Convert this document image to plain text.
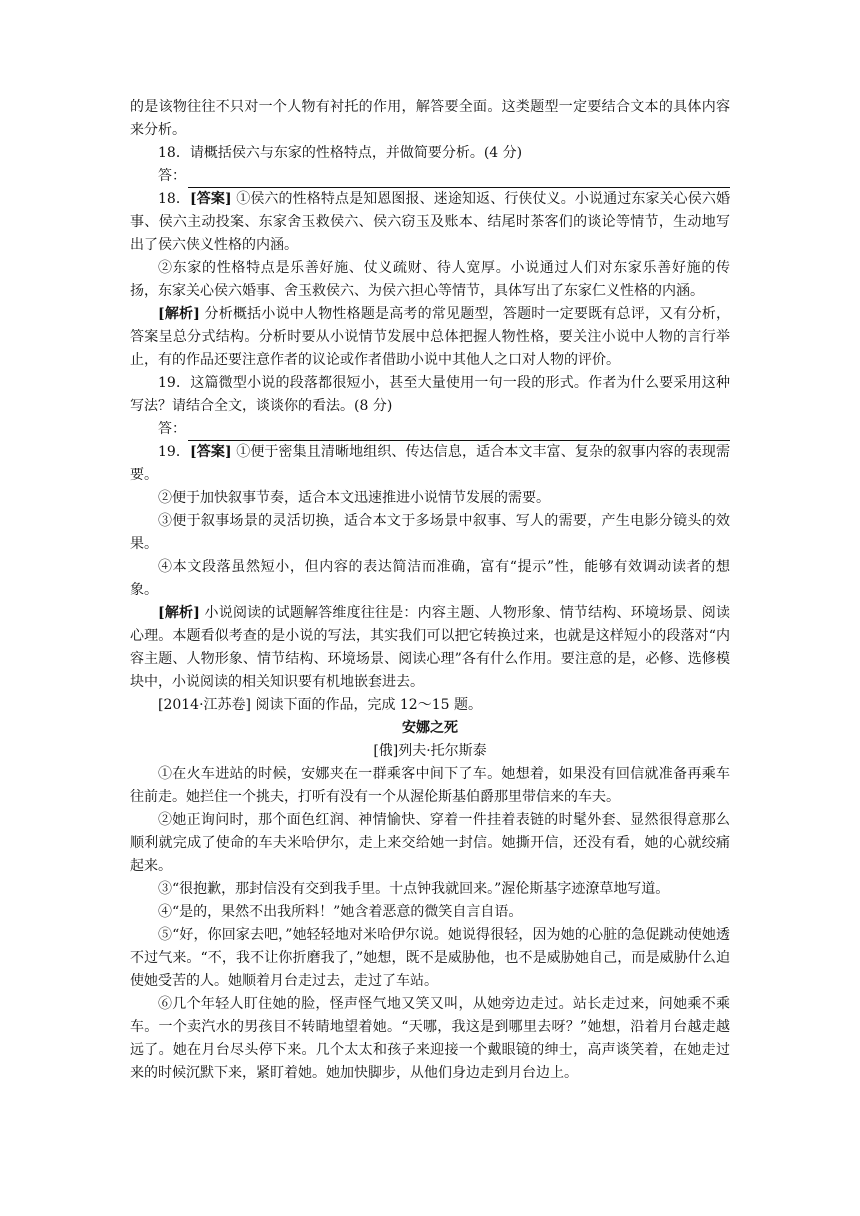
的是该物往往不只对一个人物有衬托的作用，解答要全面。这类题型一定要结合文本的具体内容来分析。

18．请概括侯六与东家的性格特点，并做简要分析。(4 分)

答：

18．[答案] ①侯六的性格特点是知恩图报、迷途知返、行侠仗义。小说通过东家关心侯六婚事、侯六主动投案、东家舍玉救侯六、侯六窃玉及账本、结尾时茶客们的谈论等情节，生动地写出了侯六侠义性格的内涵。

②东家的性格特点是乐善好施、仗义疏财、待人宽厚。小说通过人们对东家乐善好施的传扬，东家关心侯六婚事、舍玉救侯六、为侯六担心等情节，具体写出了东家仁义性格的内涵。

[解析] 分析概括小说中人物性格题是高考的常见题型，答题时一定要既有总评，又有分析，答案呈总分式结构。分析时要从小说情节发展中总体把握人物性格，要关注小说中人物的言行举止，有的作品还要注意作者的议论或作者借助小说中其他人之口对人物的评价。

19．这篇微型小说的段落都很短小，甚至大量使用一句一段的形式。作者为什么要采用这种写法？请结合全文，谈谈你的看法。(8 分)

答：

19．[答案] ①便于密集且清晰地组织、传达信息，适合本文丰富、复杂的叙事内容的表现需要。

②便于加快叙事节奏，适合本文迅速推进小说情节发展的需要。

③便于叙事场景的灵活切换，适合本文于多场景中叙事、写人的需要，产生电影分镜头的效果。

④本文段落虽然短小，但内容的表达简洁而准确，富有“提示”性，能够有效调动读者的想象。

[解析] 小说阅读的试题解答维度往往是：内容主题、人物形象、情节结构、环境场景、阅读心理。本题看似考查的是小说的写法，其实我们可以把它转换过来，也就是这样短小的段落对“内容主题、人物形象、情节结构、环境场景、阅读心理”各有什么作用。要注意的是，必修、选修模块中，小说阅读的相关知识要有机地嵌套进去。

[2014·江苏卷] 阅读下面的作品，完成 12～15 题。

安娜之死

[俄]列夫·托尔斯泰

①在火车进站的时候，安娜夹在一群乘客中间下了车。她想着，如果没有回信就准备再乘车往前走。她拦住一个挑夫，打听有没有一个从渥伦斯基伯爵那里带信来的车夫。

②她正询问时，那个面色红润、神情愉快、穿着一件挂着表链的时髦外套、显然很得意那么顺利就完成了使命的车夫米哈伊尔，走上来交给她一封信。她撕开信，还没有看，她的心就绞痛起来。

③“很抱歉，那封信没有交到我手里。十点钟我就回来。”渥伦斯基字迹潦草地写道。

④“是的，果然不出我所料！”她含着恶意的微笑自言自语。

⑤“好，你回家去吧，”她轻轻地对米哈伊尔说。她说得很轻，因为她的心脏的急促跳动使她透不过气来。“不，我不让你折磨我了，”她想，既不是威胁他，也不是威胁她自己，而是威胁什么迫使她受苦的人。她顺着月台走过去，走过了车站。

⑥几个年轻人盯住她的脸，怪声怪气地又笑又叫，从她旁边走过。站长走过来，问她乘不乘车。一个卖汽水的男孩目不转睛地望着她。“天哪，我这是到哪里去呀？”她想，沿着月台越走越远了。她在月台尽头停下来。几个太太和孩子来迎接一个戴眼镜的绅士，高声谈笑着，在她走过来的时候沉默下来，紧盯着她。她加快脚步，从他们身边走到月台边上。
